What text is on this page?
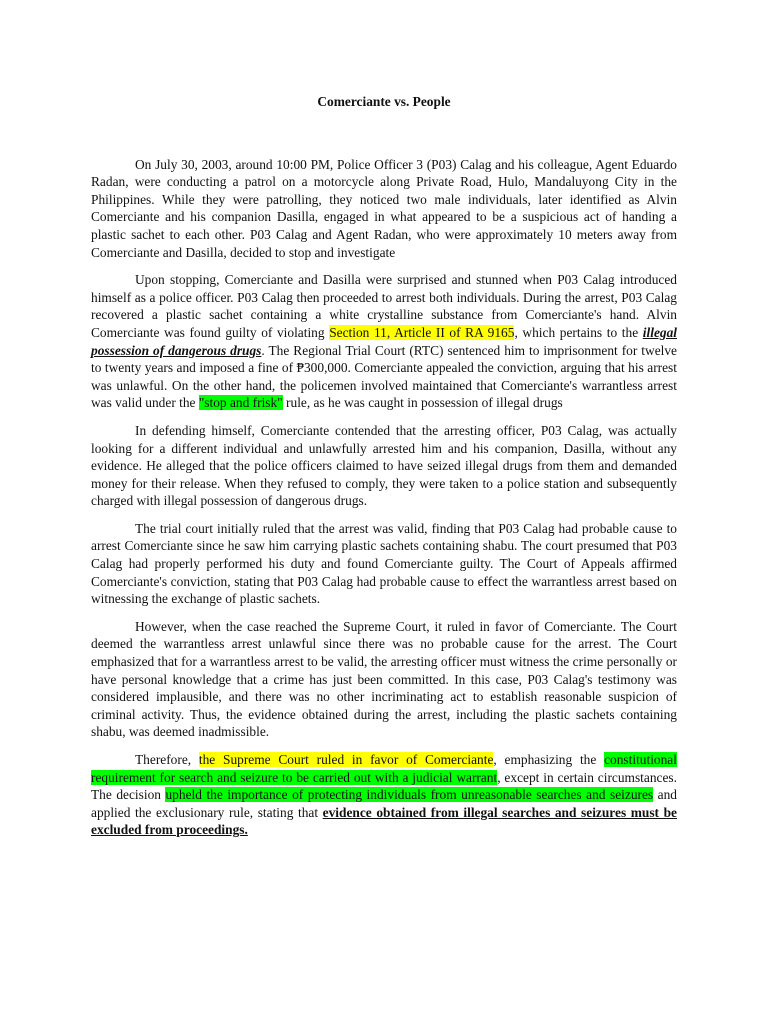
Comerciante vs. People

On July 30, 2003, around 10:00 PM, Police Officer 3 (P03) Calag and his colleague, Agent Eduardo Radan, were conducting a patrol on a motorcycle along Private Road, Hulo, Mandaluyong City in the Philippines. While they were patrolling, they noticed two male individuals, later identified as Alvin Comerciante and his companion Dasilla, engaged in what appeared to be a suspicious act of handing a plastic sachet to each other. P03 Calag and Agent Radan, who were approximately 10 meters away from Comerciante and Dasilla, decided to stop and investigate

Upon stopping, Comerciante and Dasilla were surprised and stunned when P03 Calag introduced himself as a police officer. P03 Calag then proceeded to arrest both individuals. During the arrest, P03 Calag recovered a plastic sachet containing a white crystalline substance from Comerciante's hand. Alvin Comerciante was found guilty of violating Section 11, Article II of RA 9165, which pertains to the illegal possession of dangerous drugs. The Regional Trial Court (RTC) sentenced him to imprisonment for twelve to twenty years and imposed a fine of ₱300,000. Comerciante appealed the conviction, arguing that his arrest was unlawful. On the other hand, the policemen involved maintained that Comerciante's warrantless arrest was valid under the "stop and frisk" rule, as he was caught in possession of illegal drugs

In defending himself, Comerciante contended that the arresting officer, P03 Calag, was actually looking for a different individual and unlawfully arrested him and his companion, Dasilla, without any evidence. He alleged that the police officers claimed to have seized illegal drugs from them and demanded money for their release. When they refused to comply, they were taken to a police station and subsequently charged with illegal possession of dangerous drugs.

The trial court initially ruled that the arrest was valid, finding that P03 Calag had probable cause to arrest Comerciante since he saw him carrying plastic sachets containing shabu. The court presumed that P03 Calag had properly performed his duty and found Comerciante guilty. The Court of Appeals affirmed Comerciante's conviction, stating that P03 Calag had probable cause to effect the warrantless arrest based on witnessing the exchange of plastic sachets.

However, when the case reached the Supreme Court, it ruled in favor of Comerciante. The Court deemed the warrantless arrest unlawful since there was no probable cause for the arrest. The Court emphasized that for a warrantless arrest to be valid, the arresting officer must witness the crime personally or have personal knowledge that a crime has just been committed. In this case, P03 Calag's testimony was considered implausible, and there was no other incriminating act to establish reasonable suspicion of criminal activity. Thus, the evidence obtained during the arrest, including the plastic sachets containing shabu, was deemed inadmissible.

Therefore, the Supreme Court ruled in favor of Comerciante, emphasizing the constitutional requirement for search and seizure to be carried out with a judicial warrant, except in certain circumstances. The decision upheld the importance of protecting individuals from unreasonable searches and seizures and applied the exclusionary rule, stating that evidence obtained from illegal searches and seizures must be excluded from proceedings.
